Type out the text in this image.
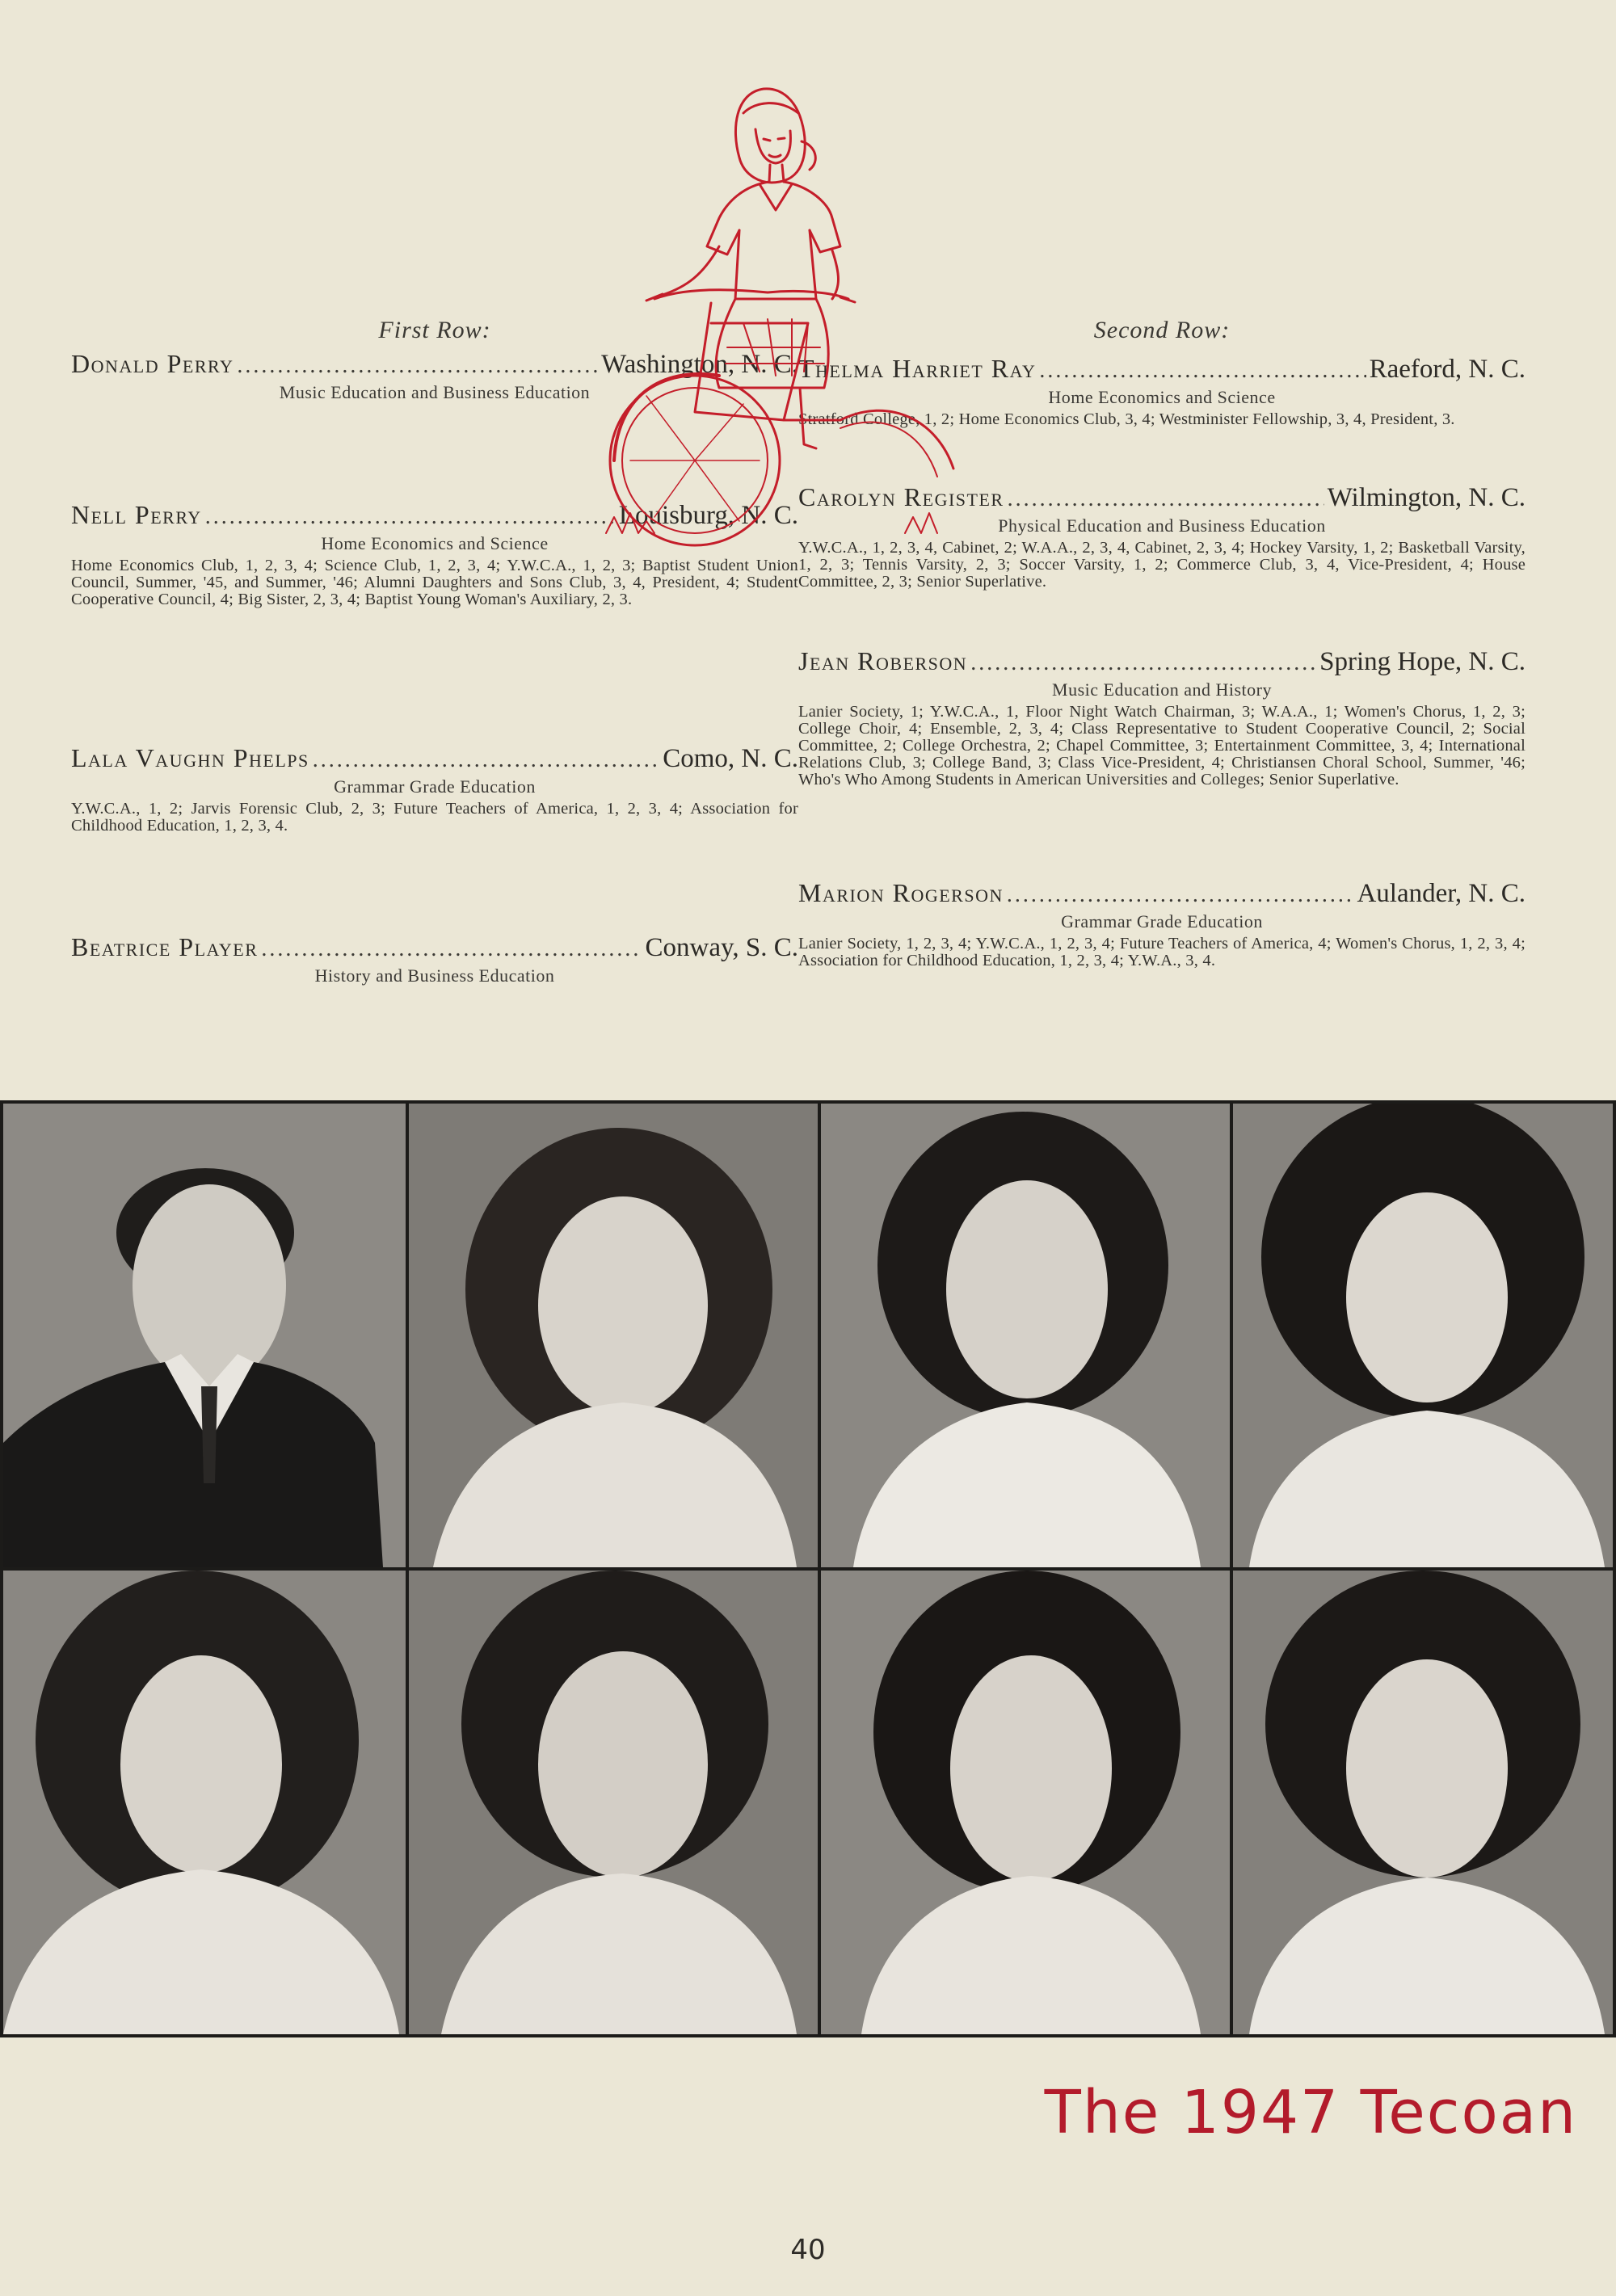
First Row:	Second Row:
Donald Perry .....	Washington, N. C.
Music Education and Business Education
Nell Perry .....	Louisburg, N. C.
Home Economics and Science
Home Economics Club, 1, 2, 3, 4; Science Club, 1, 2, 3, 4; Y.W.C.A., 1, 2, 3; Baptist Student Union Council, Summer, '45, and Summer, '46; Alumni Daughters and Sons Club, 3, 4, President, 4; Student Cooperative Council, 4; Big Sister, 2, 3, 4; Baptist Young Woman's Auxiliary, 2, 3.
Lala Vaughn Phelps .....	Como, N. C.
Grammar Grade Education
Y.W.C.A., 1, 2; Jarvis Forensic Club, 2, 3; Future Teachers of America, 1, 2, 3, 4; Association for Childhood Education, 1, 2, 3, 4.
Beatrice Player .....	Conway, S. C.
History and Business Education
Thelma Harriet Ray .....	Raeford, N. C.
Home Economics and Science
Stratford College, 1, 2; Home Economics Club, 3, 4; Westminister Fellowship, 3, 4, President, 3.
Carolyn Register .....	Wilmington, N. C.
Physical Education and Business Education
Y.W.C.A., 1, 2, 3, 4, Cabinet, 2; W.A.A., 2, 3, 4, Cabinet, 2, 3, 4; Hockey Varsity, 1, 2; Basketball Varsity, 1, 2, 3; Tennis Varsity, 2, 3; Soccer Varsity, 1, 2; Commerce Club, 3, 4, Vice-President, 4; House Committee, 2, 3; Senior Superlative.
Jean Roberson .....	Spring Hope, N. C.
Music Education and History
Lanier Society, 1; Y.W.C.A., 1, Floor Night Watch Chairman, 3; W.A.A., 1; Women's Chorus, 1, 2, 3; College Choir, 4; Ensemble, 2, 3, 4; Class Representative to Student Cooperative Council, 2; Social Committee, 2; College Orchestra, 2; Chapel Committee, 3; Entertainment Committee, 3, 4; International Relations Club, 3; College Band, 3; Class Vice-President, 4; Christiansen Choral School, Summer, '46; Who's Who Among Students in American Universities and Colleges; Senior Superlative.
Marion Rogerson .....	Aulander, N. C.
Grammar Grade Education
Lanier Society, 1, 2, 3, 4; Y.W.C.A., 1, 2, 3, 4; Future Teachers of America, 4; Women's Chorus, 1, 2, 3, 4; Association for Childhood Education, 1, 2, 3, 4; Y.W.A., 3, 4.
The 1947 Tecoan
40
